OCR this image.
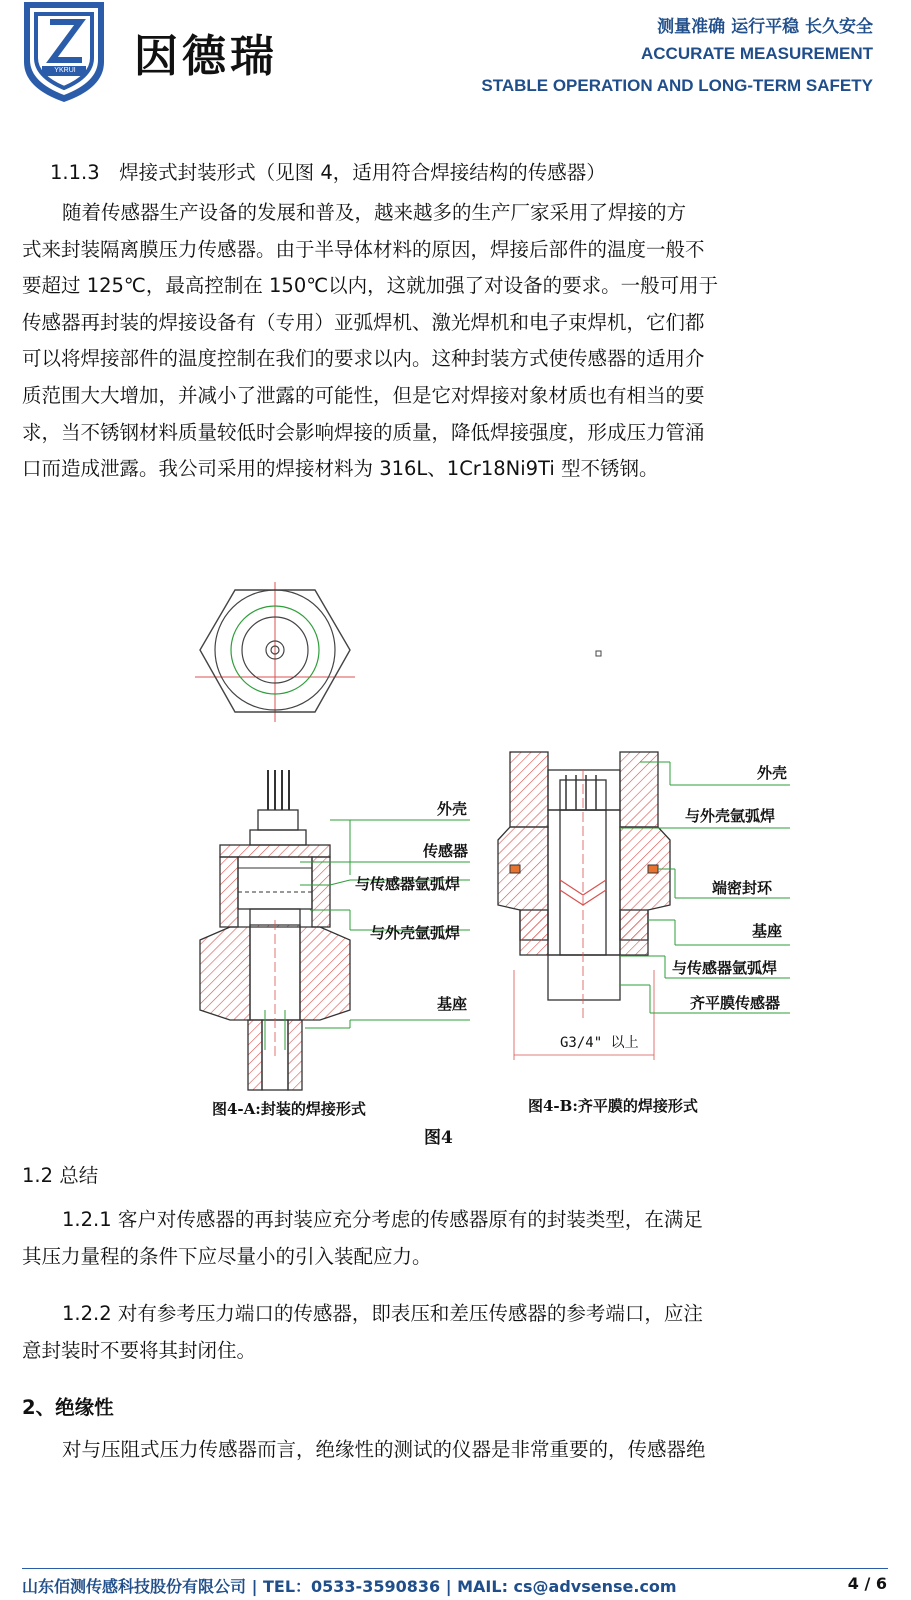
YKRUI	因德瑞
测量准确 运行平稳 长久安全
ACCURATE MEASUREMENT
STABLE OPERATION AND LONG-TERM SAFETY
1.1.3　焊接式封装形式（见图 4，适用符合焊接结构的传感器）
随着传感器生产设备的发展和普及，越来越多的生产厂家采用了焊接的方
式来封装隔离膜压力传感器。由于半导体材料的原因，焊接后部件的温度一般不
要超过 125℃，最高控制在 150℃以内，这就加强了对设备的要求。一般可用于
传感器再封装的焊接设备有（专用）亚弧焊机、激光焊机和电子束焊机，它们都
可以将焊接部件的温度控制在我们的要求以内。这种封装方式使传感器的适用介
质范围大大增加，并减小了泄露的可能性，但是它对焊接对象材质也有相当的要
求，当不锈钢材料质量较低时会影响焊接的质量，降低焊接强度，形成压力管涌
口而造成泄露。我公司采用的焊接材料为 316L、1Cr18Ni9Ti 型不锈钢。
外壳
传感器
与传感器氩弧焊
与外壳氩弧焊
基座
外壳
与外壳氩弧焊
端密封环
基座
与传感器氩弧焊
齐平膜传感器
G3/4" 以上
图4-A:封装的焊接形式	图4-B:齐平膜的焊接形式
图4
1.2 总结
1.2.1 客户对传感器的再封装应充分考虑的传感器原有的封装类型，在满足
其压力量程的条件下应尽量小的引入装配应力。
1.2.2 对有参考压力端口的传感器，即表压和差压传感器的参考端口，应注
意封装时不要将其封闭住。
2、绝缘性
对与压阻式压力传感器而言，绝缘性的测试的仪器是非常重要的，传感器绝
山东佰测传感科技股份有限公司 | TEL：0533-3590836 | MAIL: cs@advsense.com	4 / 6
